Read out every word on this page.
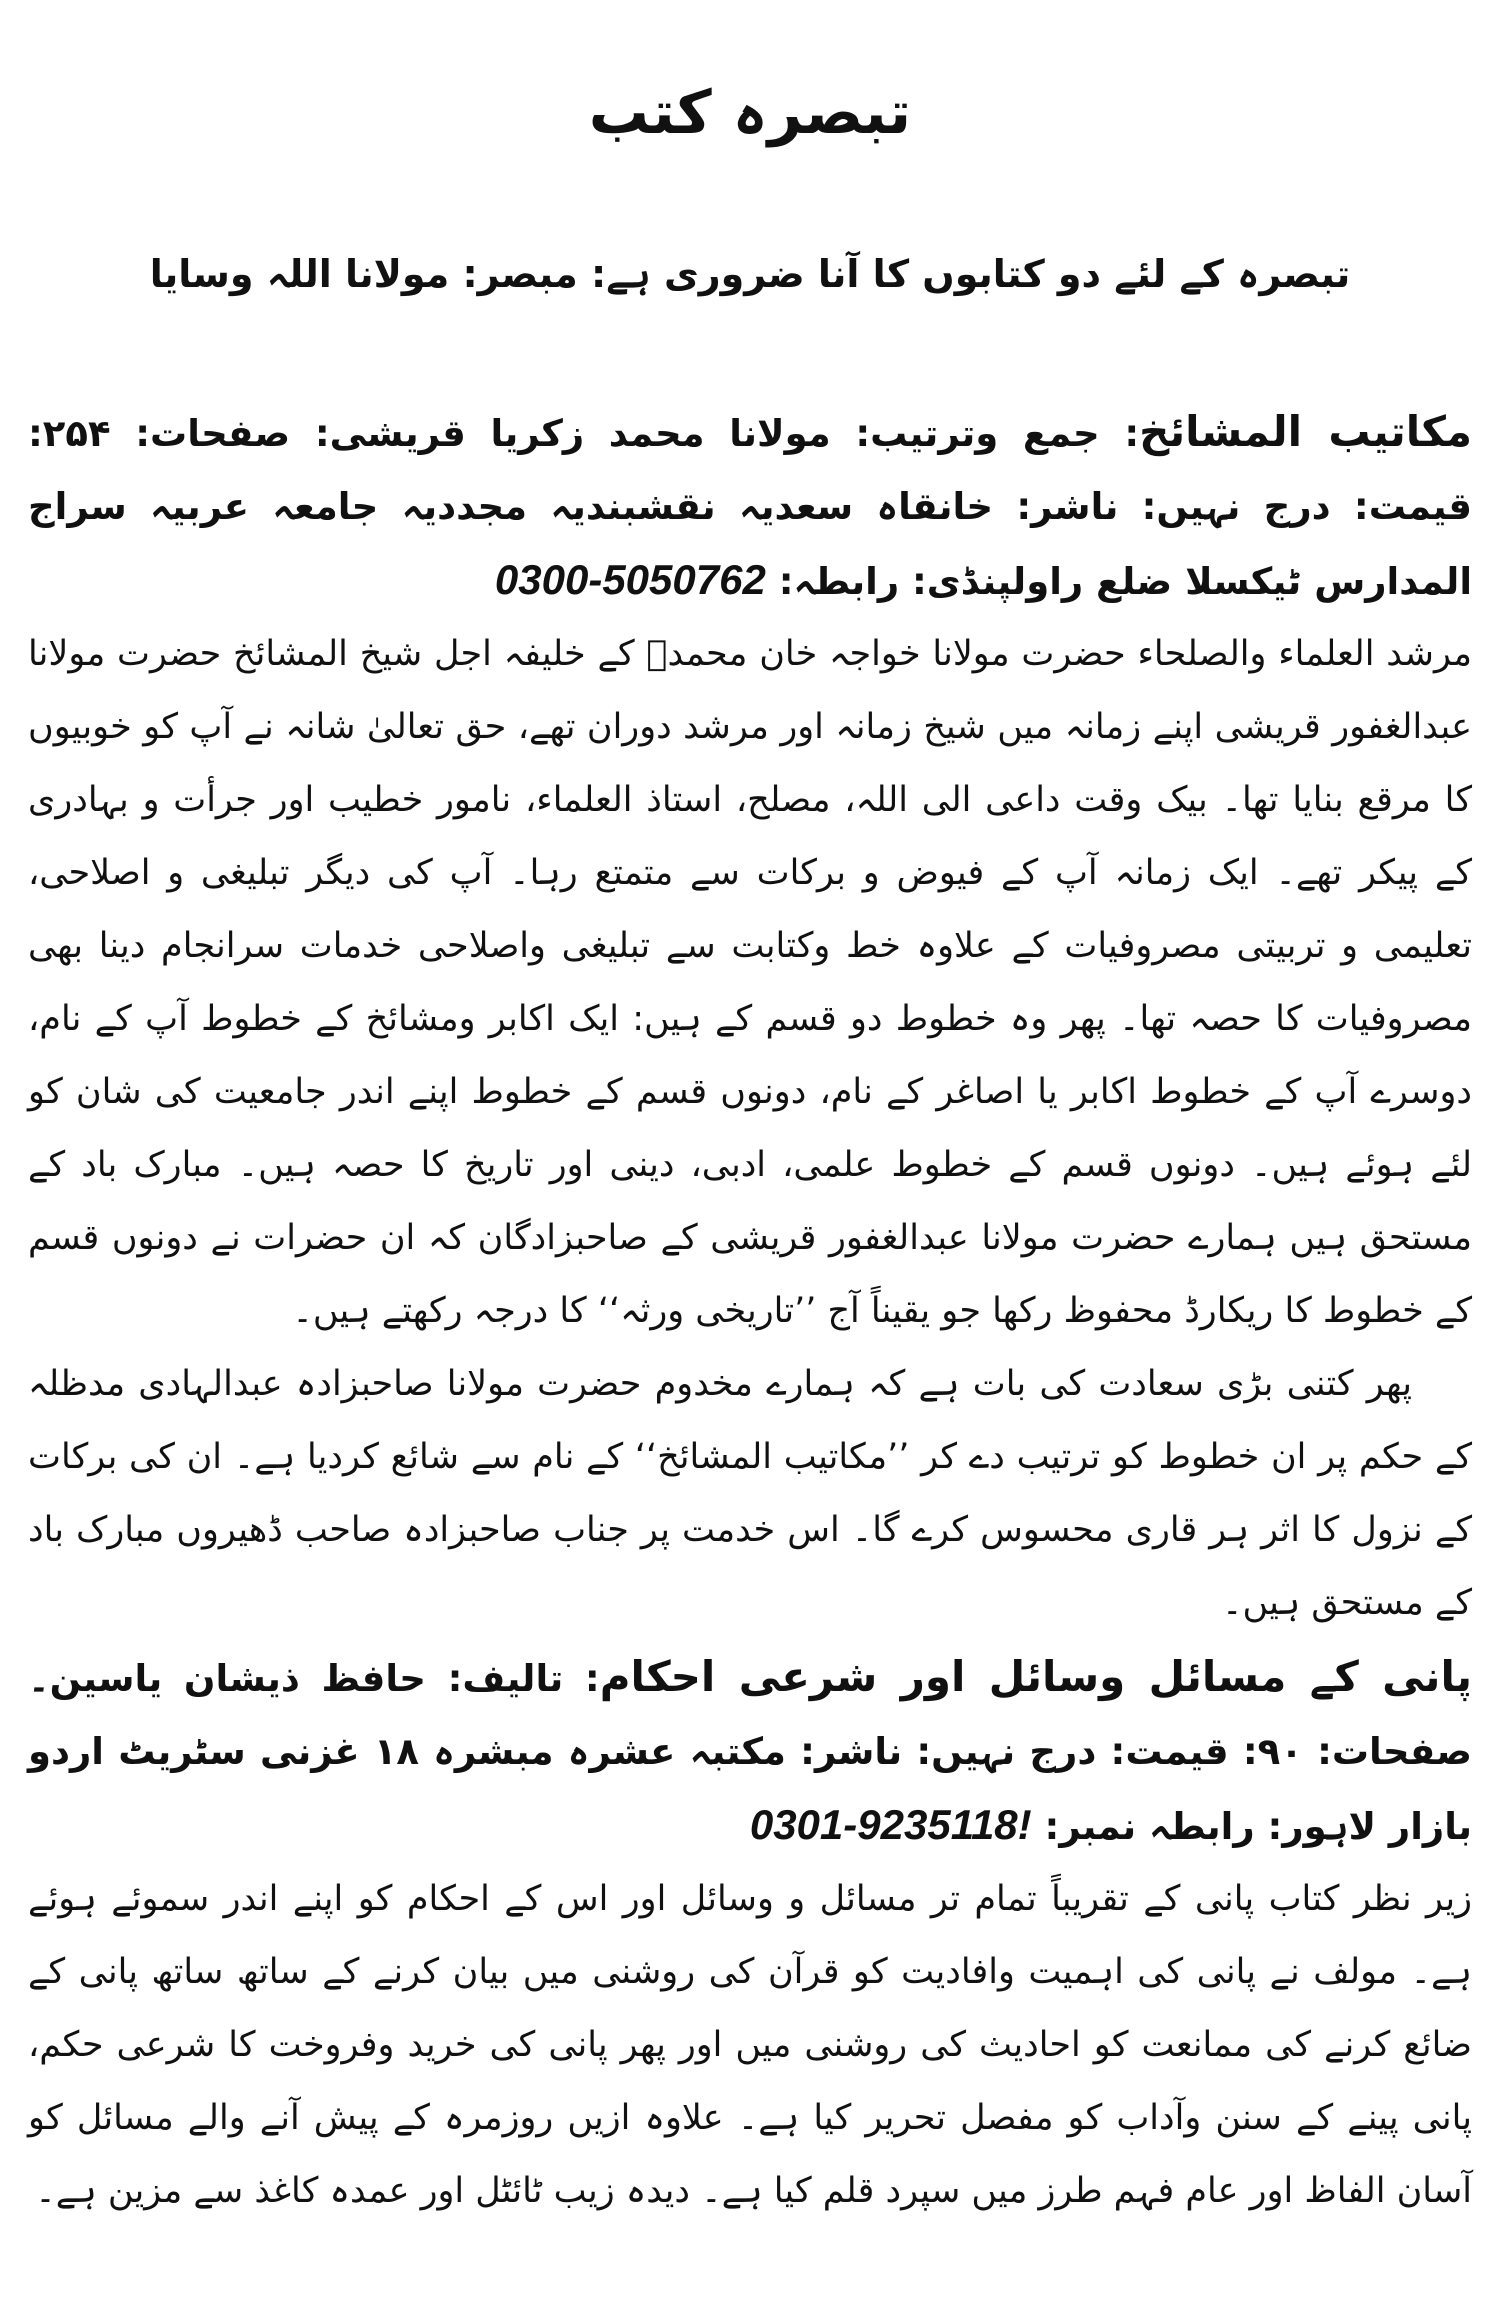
تبصرہ کتب
تبصرہ کے لئے دو کتابوں کا آنا ضروری ہے: مبصر: مولانا اللہ وسایا

مکاتیب المشائخ: جمع وترتیب: مولانا محمد زکریا قریشی: صفحات: ۲۵۴: قیمت: درج نہیں: ناشر: خانقاہ سعدیہ نقشبندیہ مجددیہ جامعہ عربیہ سراج المدارس ٹیکسلا ضلع راولپنڈی: رابطہ: 0300-5050762

مرشد العلماء والصلحاء حضرت مولانا خواجہ خان محمدؒ کے خلیفہ اجل شیخ المشائخ حضرت مولانا عبدالغفور قریشی اپنے زمانہ میں شیخ زمانہ اور مرشد دوران تھے، حق تعالیٰ شانہ نے آپ کو خوبیوں کا مرقع بنایا تھا۔ بیک وقت داعی الی اللہ، مصلح، استاذ العلماء، نامور خطیب اور جرأت و بہادری کے پیکر تھے۔ ایک زمانہ آپ کے فیوض و برکات سے متمتع رہا۔ آپ کی دیگر تبلیغی و اصلاحی، تعلیمی و تربیتی مصروفیات کے علاوہ خط وکتابت سے تبلیغی واصلاحی خدمات سرانجام دینا بھی مصروفیات کا حصہ تھا۔ پھر وہ خطوط دو قسم کے ہیں: ایک اکابر ومشائخ کے خطوط آپ کے نام، دوسرے آپ کے خطوط اکابر یا اصاغر کے نام، دونوں قسم کے خطوط اپنے اندر جامعیت کی شان کو لئے ہوئے ہیں۔ دونوں قسم کے خطوط علمی، ادبی، دینی اور تاریخ کا حصہ ہیں۔ مبارک باد کے مستحق ہیں ہمارے حضرت مولانا عبدالغفور قریشی کے صاحبزادگان کہ ان حضرات نے دونوں قسم کے خطوط کا ریکارڈ محفوظ رکھا جو یقیناً آج ’’تاریخی ورثہ‘‘ کا درجہ رکھتے ہیں۔

پھر کتنی بڑی سعادت کی بات ہے کہ ہمارے مخدوم حضرت مولانا صاحبزادہ عبدالہادی مدظلہ کے حکم پر ان خطوط کو ترتیب دے کر ’’مکاتیب المشائخ‘‘ کے نام سے شائع کردیا ہے۔ ان کی برکات کے نزول کا اثر ہر قاری محسوس کرے گا۔ اس خدمت پر جناب صاحبزادہ صاحب ڈھیروں مبارک باد کے مستحق ہیں۔

پانی کے مسائل وسائل اور شرعی احکام: تالیف: حافظ ذیشان یاسین۔ صفحات: ۹۰: قیمت: درج نہیں: ناشر: مکتبہ عشرہ مبشرہ ۱۸ غزنی سٹریٹ اردو بازار لاہور: رابطہ نمبر: 0301-9235118!

زیر نظر کتاب پانی کے تقریباً تمام تر مسائل و وسائل اور اس کے احکام کو اپنے اندر سموئے ہوئے ہے۔ مولف نے پانی کی اہمیت وافادیت کو قرآن کی روشنی میں بیان کرنے کے ساتھ ساتھ پانی کے ضائع کرنے کی ممانعت کو احادیث کی روشنی میں اور پھر پانی کی خرید وفروخت کا شرعی حکم، پانی پینے کے سنن وآداب کو مفصل تحریر کیا ہے۔ علاوہ ازیں روزمرہ کے پیش آنے والے مسائل کو آسان الفاظ اور عام فہم طرز میں سپرد قلم کیا ہے۔ دیدہ زیب ٹائٹل اور عمدہ کاغذ سے مزین ہے۔
